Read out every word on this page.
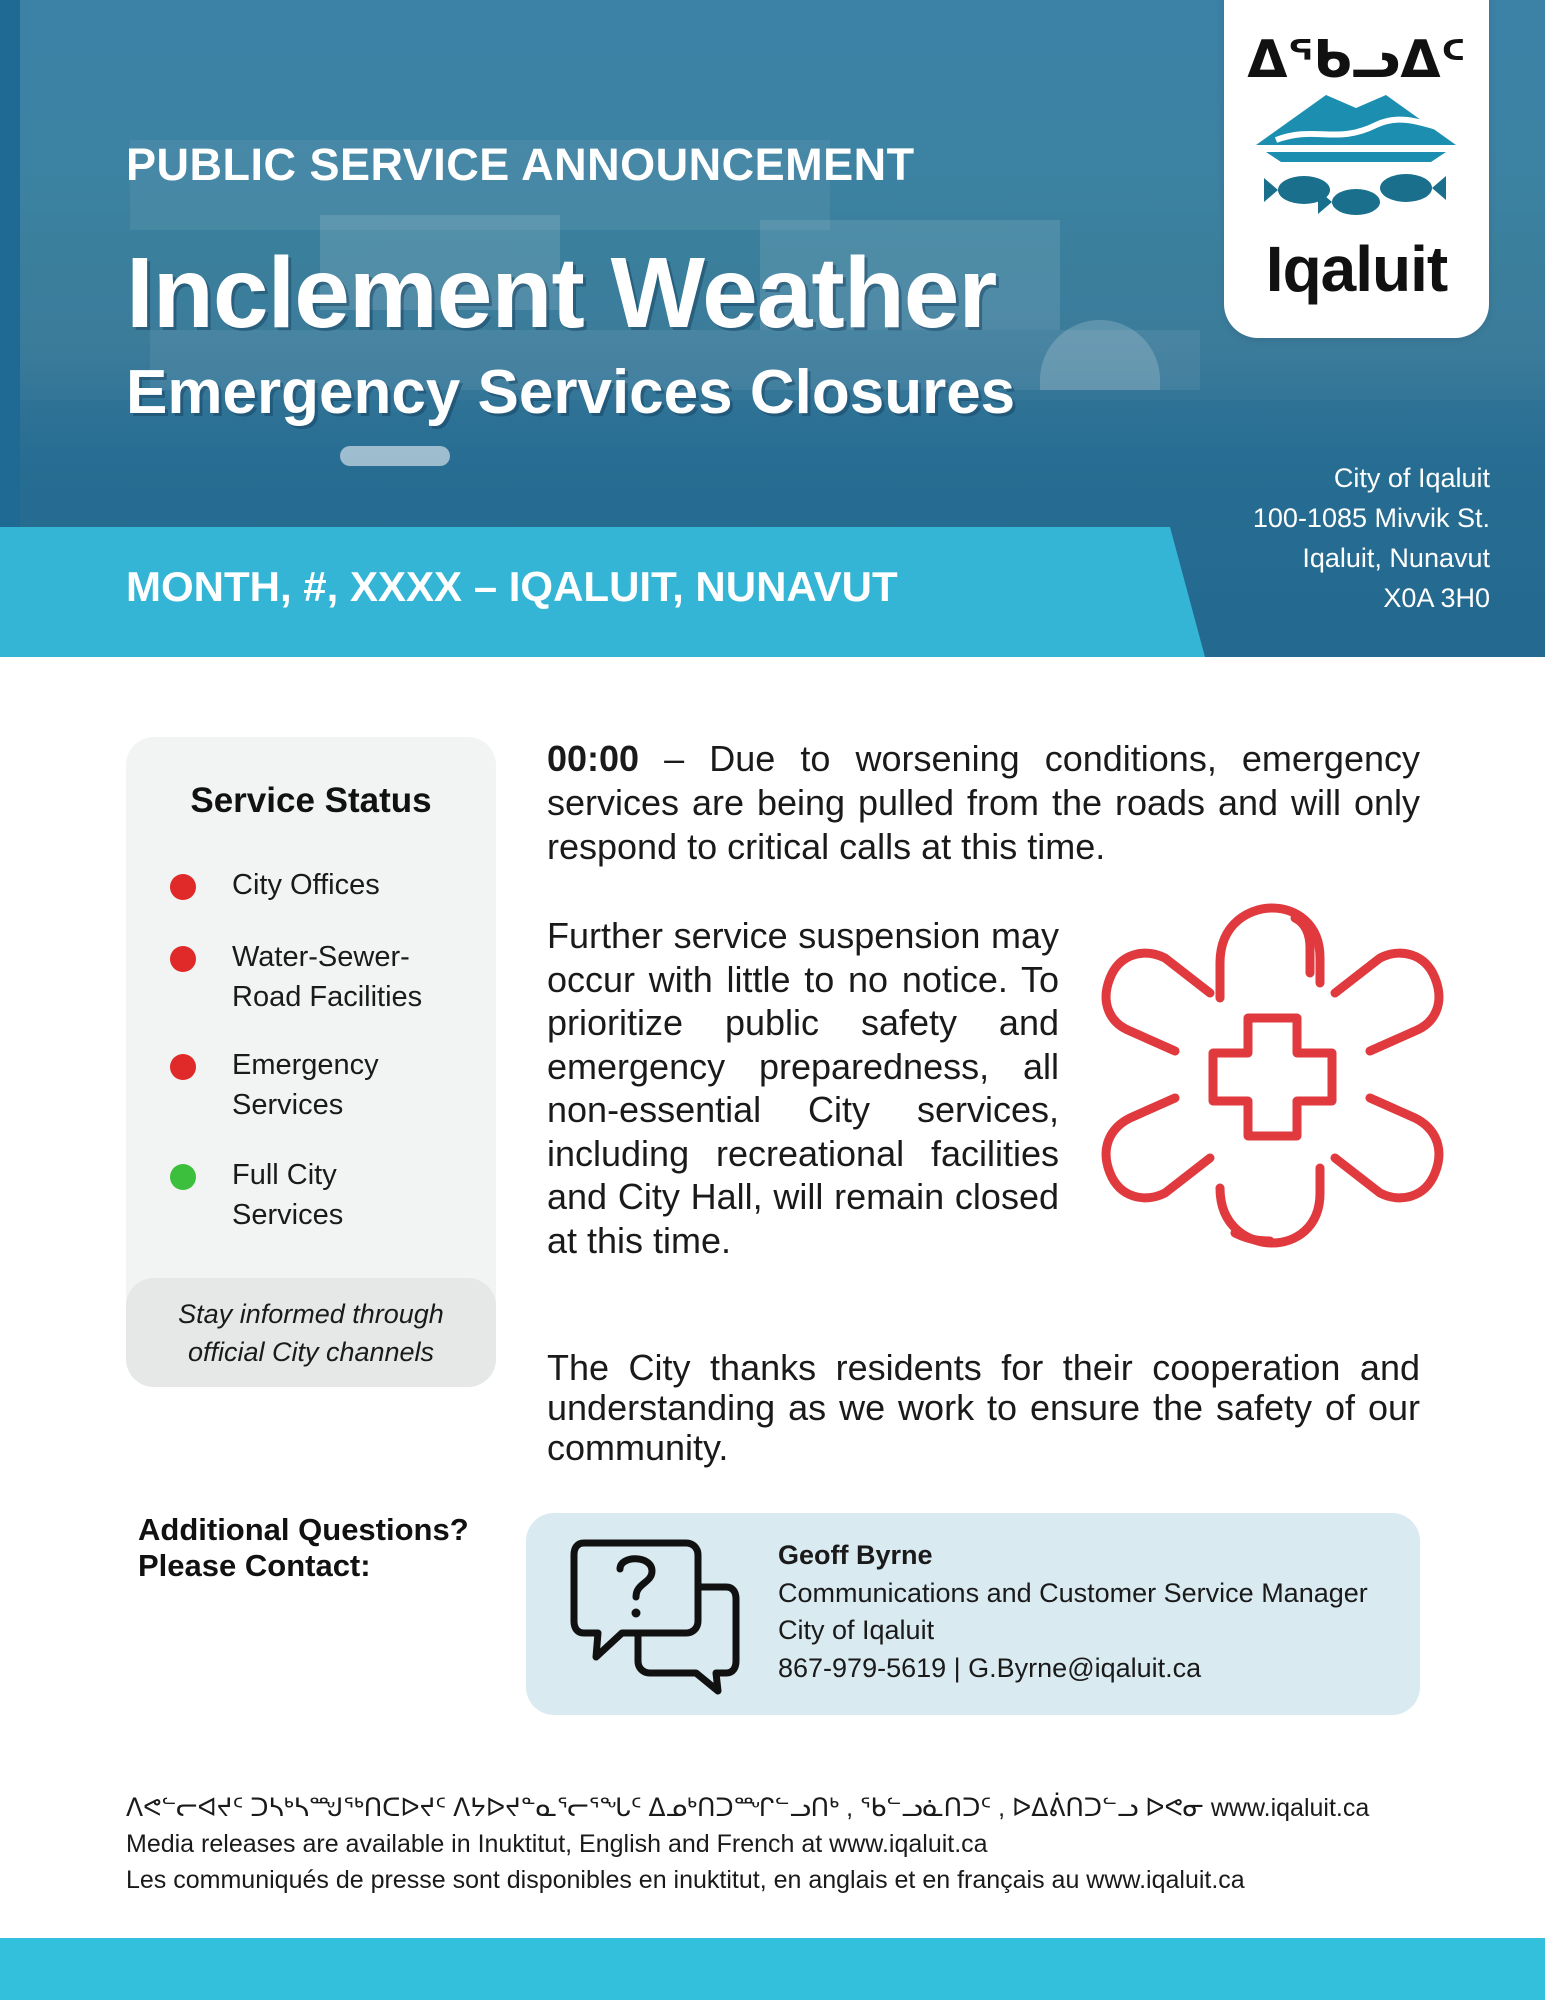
PUBLIC SERVICE ANNOUNCEMENT
Inclement Weather
Emergency Services Closures
MONTH, #, XXXX – IQALUIT, NUNAVUT
City of Iqaluit
100-1085 Mivvik St.
Iqaluit, Nunavut
X0A 3H0
ᐃᖃᓗᐃᑦ
Iqaluit
Service Status
City Offices
Water-Sewer-
Road Facilities
Emergency
Services
Full City
Services
Stay informed through
official City channels

00:00 – Due to worsening conditions, emergency services are being pulled from the roads and will only respond to critical calls at this time.

Further service suspension may occur with little to no notice. To prioritize public safety and emergency preparedness, all non-essential City services, including recreational facilities and City Hall, will remain closed at this time.

The City thanks residents for their cooperation and understanding as we work to ensure the safety of our community.

Additional Questions?
Please Contact:	Geoff Byrne
Communications and Customer Service Manager
City of Iqaluit
867-979-5619 | G.Byrne@iqaluit.ca
ᐱᕙᓪᓕᐊᔪᑦ ᑐᓴᒃᓴᙳᖅᑎᑕᐅᔪᑦ ᐱᔭᐅᔪᓐᓇᕐᓕᕐᖓᑦ ᐃᓄᒃᑎᑐᙱᓪᓗᑎᒃ , ᖃᓪᓗᓈᑎᑐᑦ , ᐅᐃᕖᑎᑐᓪᓗ ᐅᕙᓂ www.iqaluit.ca
Media releases are available in Inuktitut, English and French at www.iqaluit.ca
Les communiqués de presse sont disponibles en inuktitut, en anglais et en français au www.iqaluit.ca
